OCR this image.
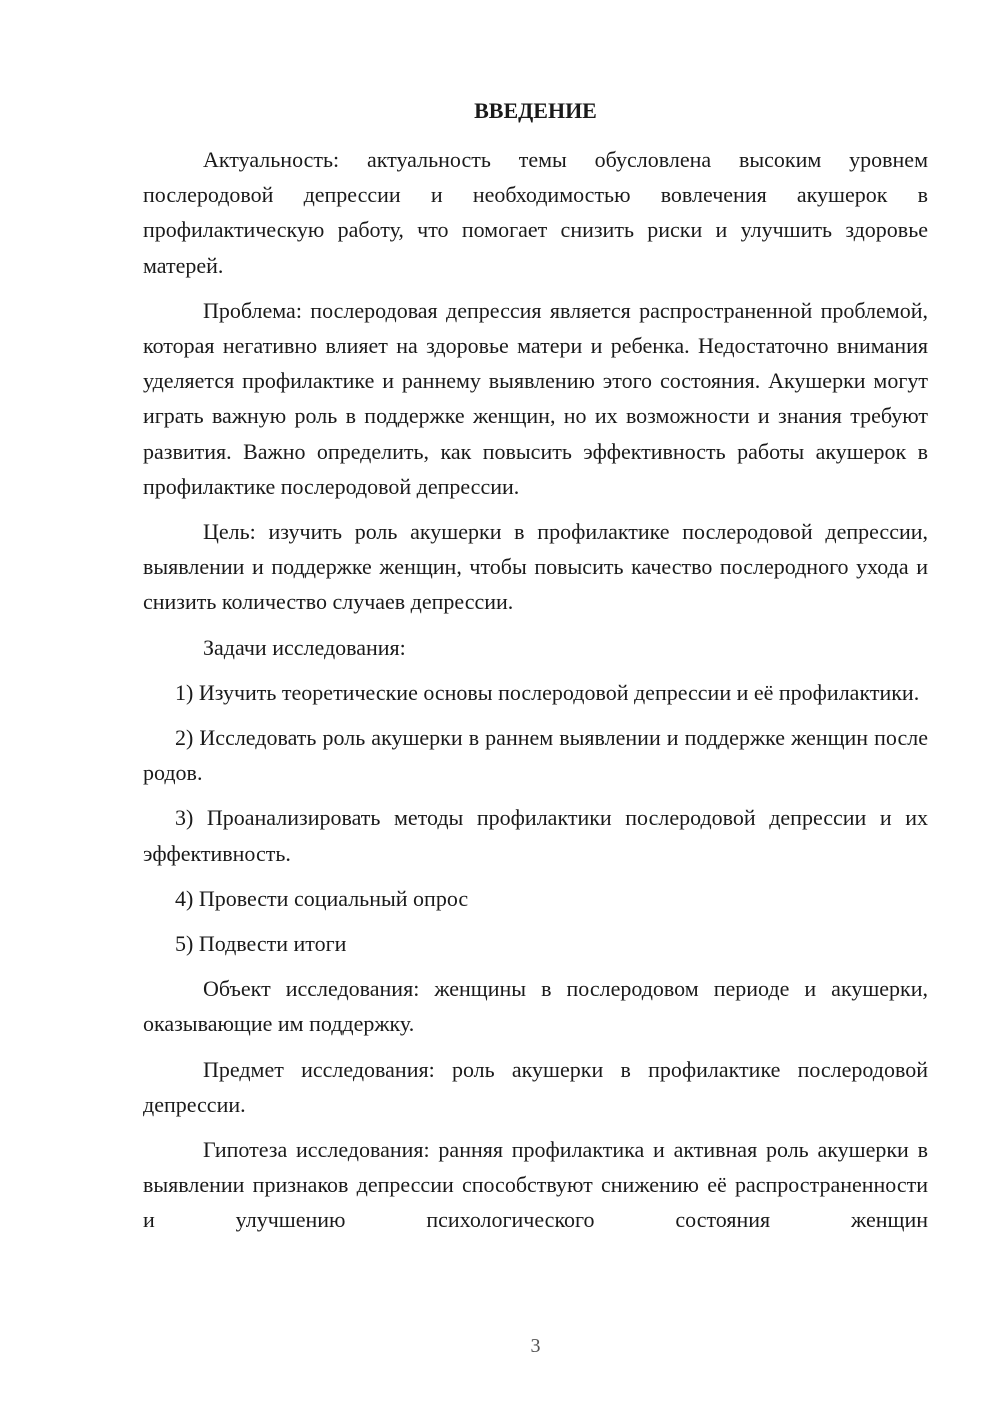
ВВЕДЕНИЕ

Актуальность: актуальность темы обусловлена высоким уровнем послеродовой депрессии и необходимостью вовлечения акушерок в профилактическую работу, что помогает снизить риски и улучшить здоровье матерей.

Проблема: послеродовая депрессия является распространенной проблемой, которая негативно влияет на здоровье матери и ребенка. Недостаточно внимания уделяется профилактике и раннему выявлению этого состояния. Акушерки могут играть важную роль в поддержке женщин, но их возможности и знания требуют развития. Важно определить, как повысить эффективность работы акушерок в профилактике послеродовой депрессии.

Цель: изучить роль акушерки в профилактике послеродовой депрессии, выявлении и поддержке женщин, чтобы повысить качество послеродного ухода и снизить количество случаев депрессии.

Задачи исследования:

1) Изучить теоретические основы послеродовой депрессии и её профилактики.

2) Исследовать роль акушерки в раннем выявлении и поддержке женщин после родов.

3) Проанализировать методы профилактики послеродовой депрессии и их эффективность.

4) Провести социальный опрос

5) Подвести итоги

Объект исследования: женщины в послеродовом периоде и акушерки, оказывающие им поддержку.

Предмет исследования: роль акушерки в профилактике послеродовой депрессии.

Гипотеза исследования: ранняя профилактика и активная роль акушерки в выявлении признаков депрессии способствуют снижению её распространенности и улучшению психологического состояния женщин

3
